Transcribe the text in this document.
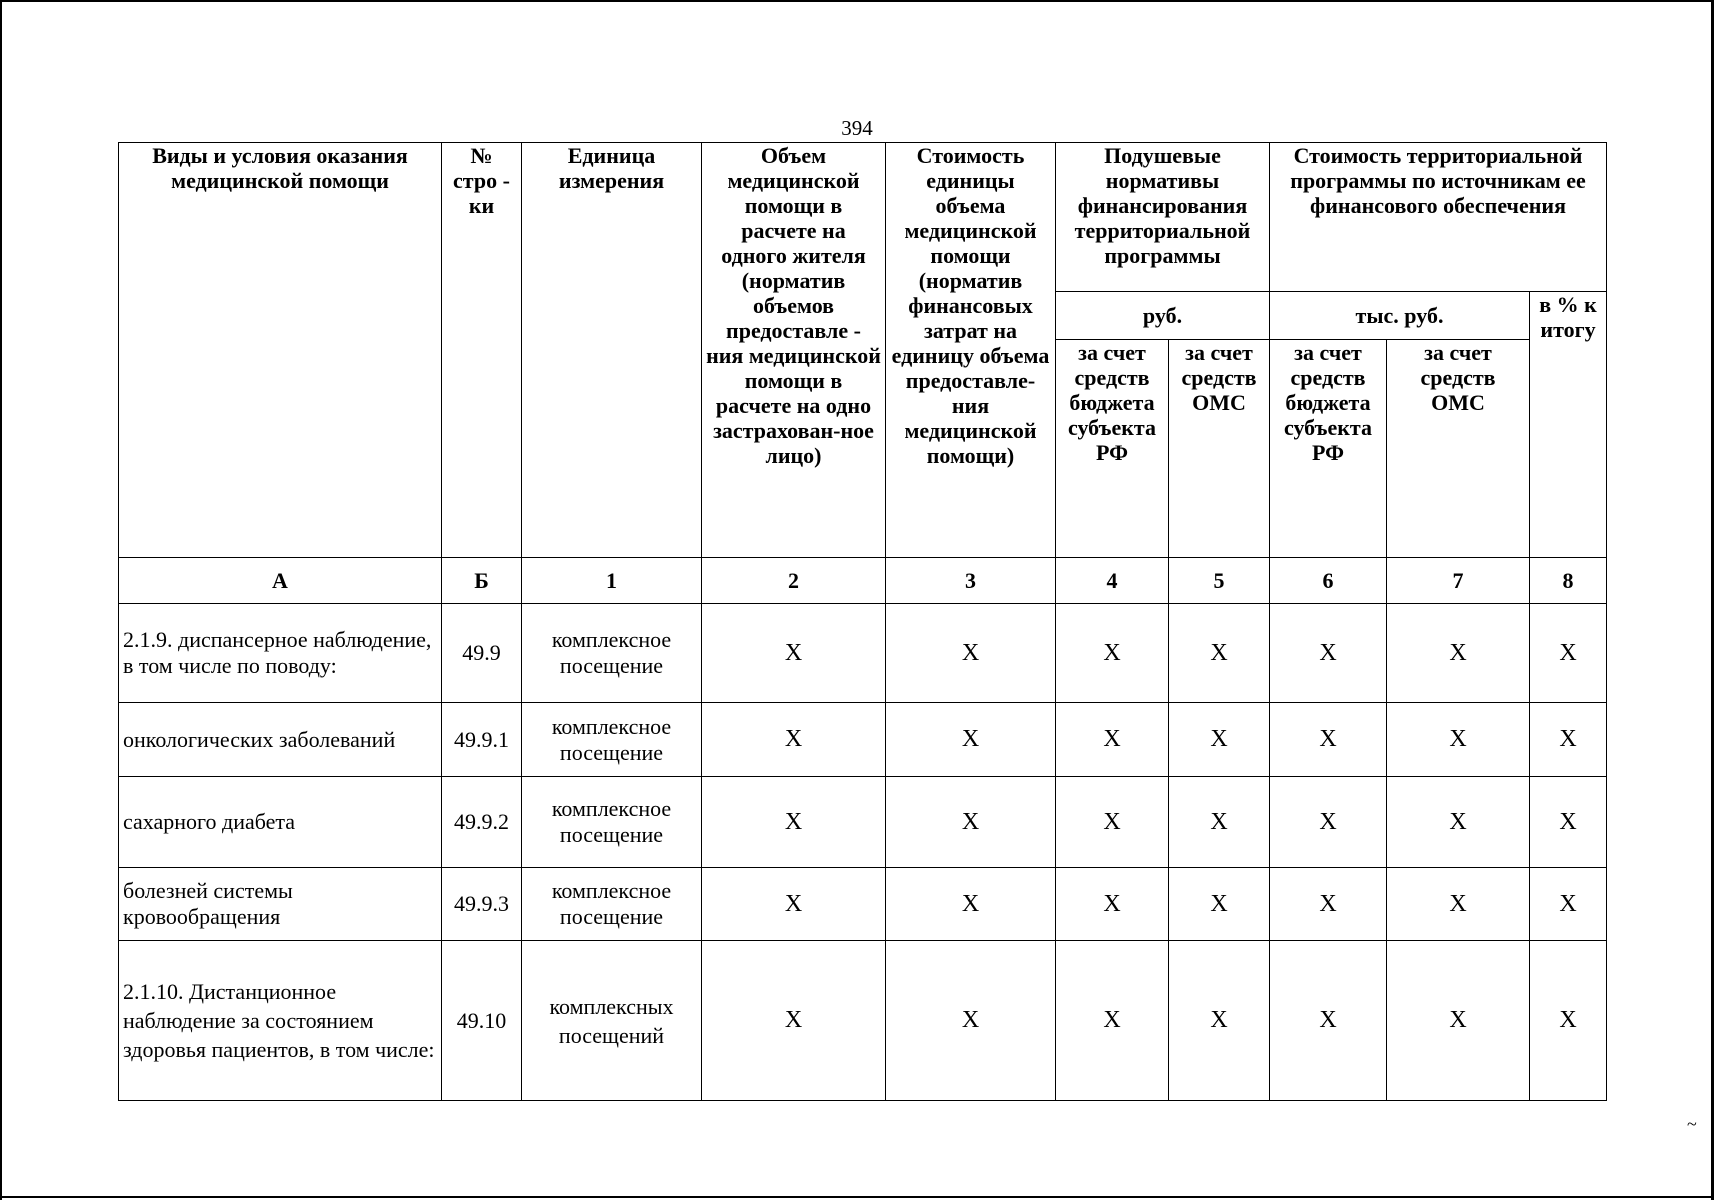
394
Виды и условия оказания медицинской помощи	№ стро - ки	Единица измерения	Объем медицинской помощи в расчете на одного жителя (норматив объемов предоставле - ния медицинской помощи в расчете на одно застрахован-ное лицо)	Стоимость единицы объема медицинской помощи (норматив финансовых затрат на единицу объема предоставле-ния медицинской помощи)	Подушевые нормативы финансирования территориальной программы		Стоимость территориальной программы по источникам ее финансового обеспечения		
					руб.		тыс. руб.		в % к итогу
					за счет средств бюджета субъекта РФ	за счет средств ОМС	за счет средств бюджета субъекта РФ	за счет средств ОМС	
А	Б	1	2	3	4	5	6	7	8
2.1.9. диспансерное наблюдение, в том числе по поводу:	49.9	комплексное посещение	Х	Х	Х	Х	Х	Х	Х
онкологических заболеваний	49.9.1	комплексное посещение	Х	Х	Х	Х	Х	Х	Х
сахарного диабета	49.9.2	комплексное посещение	Х	Х	Х	Х	Х	Х	Х
болезней системы кровообращения	49.9.3	комплексное посещение	Х	Х	Х	Х	Х	Х	Х
2.1.10. Дистанционное наблюдение за состоянием здоровья пациентов, в том числе:	49.10	комплексных посещений	Х	Х	Х	Х	Х	Х	Х
~
